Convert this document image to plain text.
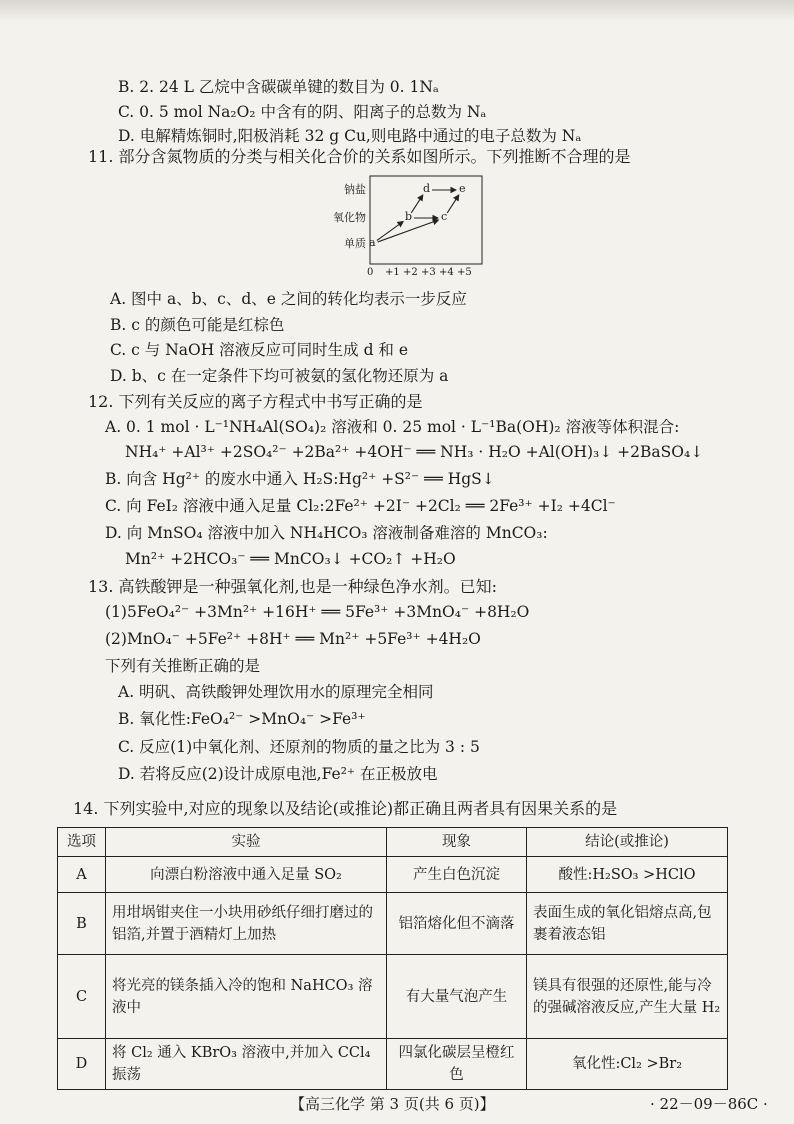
B. 2. 24 L 乙烷中含碳碳单键的数目为 0. 1Nₐ
C. 0. 5 mol Na₂O₂ 中含有的阴、阳离子的总数为 Nₐ
D. 电解精炼铜时,阳极消耗 32 g Cu,则电路中通过的电子总数为 Nₐ
11. 部分含氮物质的分类与相关化合价的关系如图所示。下列推断不合理的是
单质
氧化物
钠盐
0 +1 +2 +3 +4 +5
a
b	c
d	e
A. 图中 a、b、c、d、e 之间的转化均表示一步反应
B. c 的颜色可能是红棕色
C. c 与 NaOH 溶液反应可同时生成 d 和 e
D. b、c 在一定条件下均可被氨的氢化物还原为 a
12. 下列有关反应的离子方程式中书写正确的是
A. 0. 1 mol · L⁻¹NH₄Al(SO₄)₂ 溶液和 0. 25 mol · L⁻¹Ba(OH)₂ 溶液等体积混合:
NH₄⁺ +Al³⁺ +2SO₄²⁻ +2Ba²⁺ +4OH⁻ ══ NH₃ · H₂O +Al(OH)₃↓ +2BaSO₄↓
B. 向含 Hg²⁺ 的废水中通入 H₂S:Hg²⁺ +S²⁻ ══ HgS↓
C. 向 FeI₂ 溶液中通入足量 Cl₂:2Fe²⁺ +2I⁻ +2Cl₂ ══ 2Fe³⁺ +I₂ +4Cl⁻
D. 向 MnSO₄ 溶液中加入 NH₄HCO₃ 溶液制备难溶的 MnCO₃:
Mn²⁺ +2HCO₃⁻ ══ MnCO₃↓ +CO₂↑ +H₂O
13. 高铁酸钾是一种强氧化剂,也是一种绿色净水剂。已知:
(1)5FeO₄²⁻ +3Mn²⁺ +16H⁺ ══ 5Fe³⁺ +3MnO₄⁻ +8H₂O
(2)MnO₄⁻ +5Fe²⁺ +8H⁺ ══ Mn²⁺ +5Fe³⁺ +4H₂O
下列有关推断正确的是
A. 明矾、高铁酸钾处理饮用水的原理完全相同
B. 氧化性:FeO₄²⁻ >MnO₄⁻ >Fe³⁺
C. 反应(1)中氧化剂、还原剂的物质的量之比为 3 : 5
D. 若将反应(2)设计成原电池,Fe²⁺ 在正极放电
14. 下列实验中,对应的现象以及结论(或推论)都正确且两者具有因果关系的是
选项	实验	现象	结论(或推论)
A	向漂白粉溶液中通入足量 SO₂	产生白色沉淀	酸性:H₂SO₃ >HClO
B	用坩埚钳夹住一小块用砂纸仔细打磨过的铝箔,并置于酒精灯上加热	铝箔熔化但不滴落	表面生成的氧化铝熔点高,包裹着液态铝
C	将光亮的镁条插入冷的饱和 NaHCO₃ 溶液中	有大量气泡产生	镁具有很强的还原性,能与冷的强碱溶液反应,产生大量 H₂
D	将 Cl₂ 通入 KBrO₃ 溶液中,并加入 CCl₄ 振荡	四氯化碳层呈橙红色	氧化性:Cl₂ >Br₂
【高三化学 第 3 页(共 6 页)】	· 22－09－86C ·
